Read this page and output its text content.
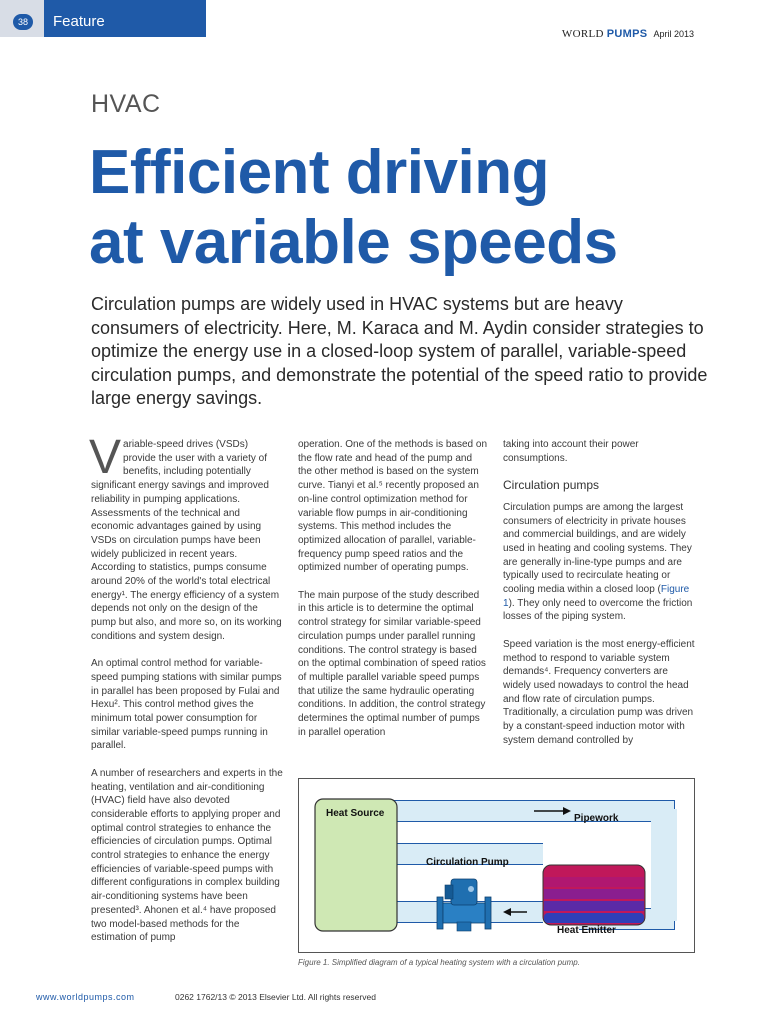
38	Feature
WORLD PUMPS April 2013
HVAC
Efficient driving
at variable speeds
Circulation pumps are widely used in HVAC systems but are heavy consumers of electricity. Here, M. Karaca and M. Aydin consider strategies to optimize the energy use in a closed-loop system of parallel, variable-speed circulation pumps, and demonstrate the potential of the speed ratio to provide large energy savings.

Variable-speed drives (VSDs) provide the user with a variety of benefits, including potentially significant energy savings and improved reliability in pumping applications. Assessments of the technical and economic advantages gained by using VSDs on circulation pumps have been widely publicized in recent years. According to statistics, pumps consume around 20% of the world's total electrical energy¹. The energy efficiency of a system depends not only on the design of the pump but also, and more so, on its working conditions and system design.

An optimal control method for variable-speed pumping stations with similar pumps in parallel has been proposed by Fulai and Hexu². This control method gives the minimum total power consumption for similar variable-speed pumps running in parallel.

A number of researchers and experts in the heating, ventilation and air-conditioning (HVAC) field have also devoted considerable efforts to applying proper and optimal control strategies to enhance the efficiencies of circulation pumps. Optimal control strategies to enhance the energy efficiencies of variable-speed pumps with different configurations in complex building air-conditioning systems have been presented³. Ahonen et al.⁴ have proposed two model-based methods for the estimation of pump

operation. One of the methods is based on the flow rate and head of the pump and the other method is based on the system curve. Tianyi et al.⁵ recently proposed an on-line control optimization method for variable flow pumps in air-conditioning systems. This method includes the optimized allocation of parallel, variable-frequency pump speed ratios and the optimized number of operating pumps.

The main purpose of the study described in this article is to determine the optimal control strategy for similar variable-speed circulation pumps under parallel running conditions. The control strategy is based on the optimal combination of speed ratios of multiple parallel variable speed pumps that utilize the same hydraulic operating conditions. In addition, the control strategy determines the optimal number of pumps in parallel operation

taking into account their power consumptions.

Circulation pumps

Circulation pumps are among the largest consumers of electricity in private houses and commercial buildings, and are widely used in heating and cooling systems. They are generally in-line-type pumps and are typically used to recirculate heating or cooling media within a closed loop (Figure 1). They only need to overcome the friction losses of the piping system.

Speed variation is the most energy-efficient method to respond to variable system demands⁴. Frequency converters are widely used nowadays to control the head and flow rate of circulation pumps. Traditionally, a circulation pump was driven by a constant-speed induction motor with system demand controlled by

Heat Source
Heat Emitter
Pipework
Circulation Pump
Figure 1. Simplified diagram of a typical heating system with a circulation pump.
www.worldpumps.com	0262 1762/13 © 2013 Elsevier Ltd. All rights reserved
